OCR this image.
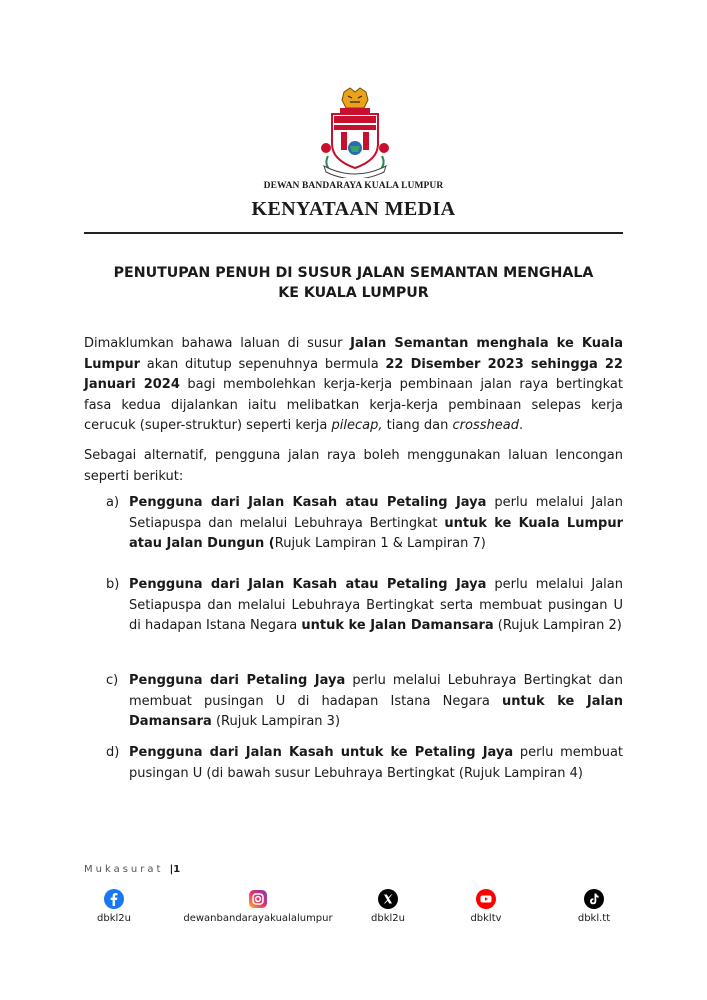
DEWAN BANDARAYA KUALA LUMPUR
KENYATAAN MEDIA
PENUTUPAN PENUH DI SUSUR JALAN SEMANTAN MENGHALA
KE KUALA LUMPUR
Dimaklumkan bahawa laluan di susur Jalan Semantan menghala ke Kuala Lumpur akan ditutup sepenuhnya bermula 22 Disember 2023 sehingga 22 Januari 2024 bagi membolehkan kerja-kerja pembinaan jalan raya bertingkat fasa kedua dijalankan iaitu melibatkan kerja-kerja pembinaan selepas kerja cerucuk (super-struktur) seperti kerja pilecap, tiang dan crosshead.
Sebagai alternatif, pengguna jalan raya boleh menggunakan laluan lencongan seperti berikut:
a) Pengguna dari Jalan Kasah atau Petaling Jaya perlu melalui Jalan Setiapuspa dan melalui Lebuhraya Bertingkat untuk ke Kuala Lumpur atau Jalan Dungun (Rujuk Lampiran 1 & Lampiran 7)
b) Pengguna dari Jalan Kasah atau Petaling Jaya perlu melalui Jalan Setiapuspa dan melalui Lebuhraya Bertingkat serta membuat pusingan U di hadapan Istana Negara untuk ke Jalan Damansara (Rujuk Lampiran 2)
c) Pengguna dari Petaling Jaya perlu melalui Lebuhraya Bertingkat dan membuat pusingan U di hadapan Istana Negara untuk ke Jalan Damansara (Rujuk Lampiran 3)
d) Pengguna dari Jalan Kasah untuk ke Petaling Jaya perlu membuat pusingan U (di bawah susur Lebuhraya Bertingkat (Rujuk Lampiran 4)
Mukasurat |1
dbkl2u	dewanbandarayakualalumpur	dbkl2u	dbkltv	dbkl.tt
